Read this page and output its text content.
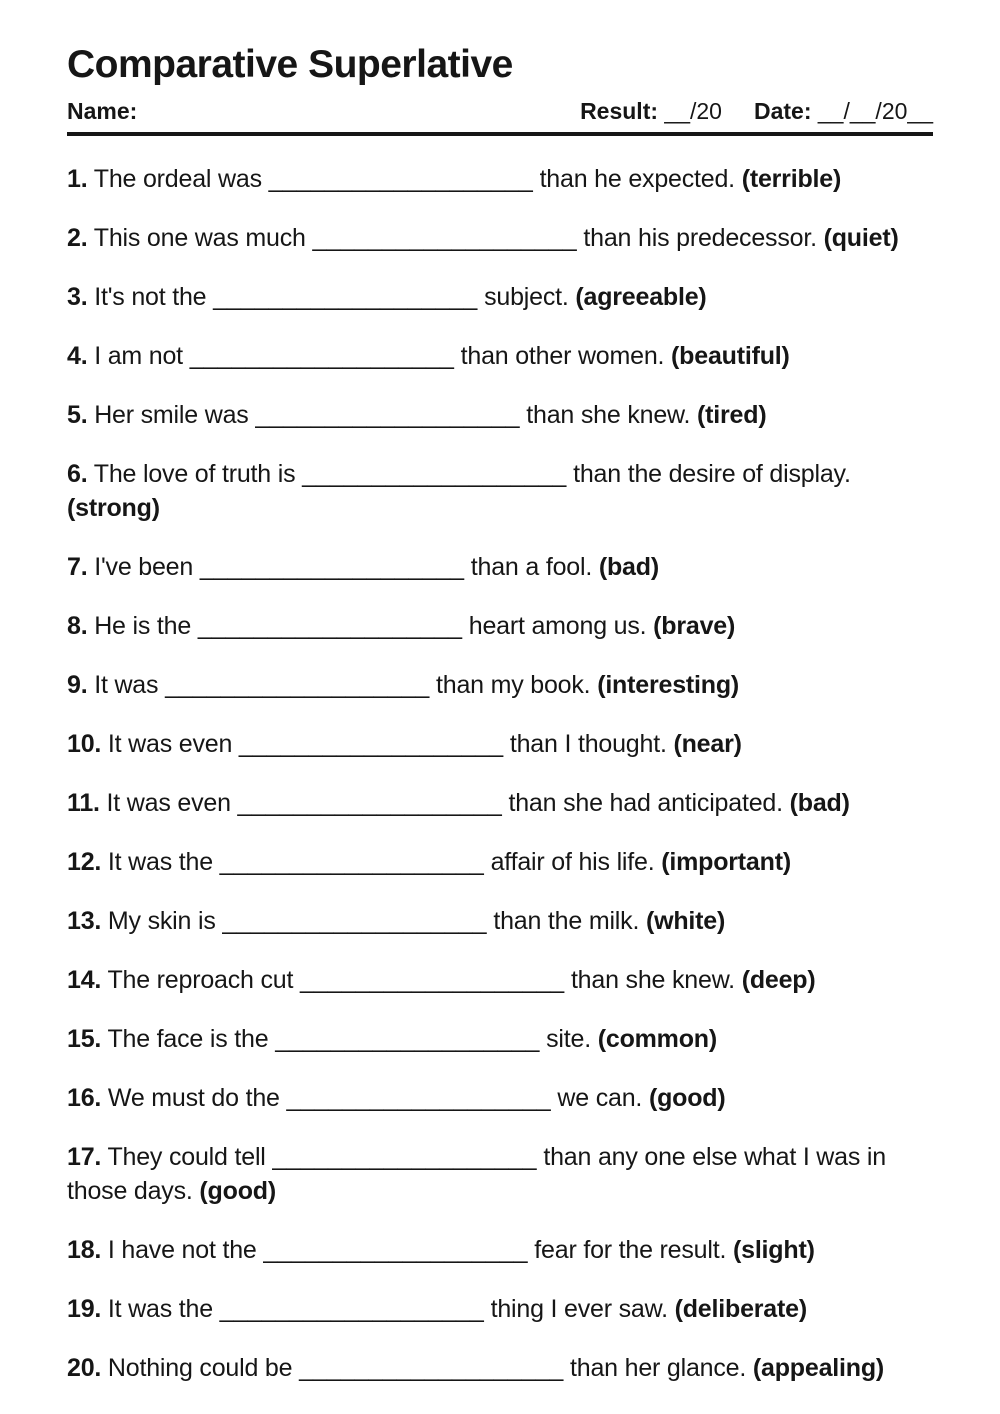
Comparative Superlative
Name:	Result: __/20 Date: __/__/20__
1. The ordeal was ___________________ than he expected. (terrible)
2. This one was much ___________________ than his predecessor. (quiet)
3. It's not the ___________________ subject. (agreeable)
4. I am not ___________________ than other women. (beautiful)
5. Her smile was ___________________ than she knew. (tired)
6. The love of truth is ___________________ than the desire of display.
(strong)
7. I've been ___________________ than a fool. (bad)
8. He is the ___________________ heart among us. (brave)
9. It was ___________________ than my book. (interesting)
10. It was even ___________________ than I thought. (near)
11. It was even ___________________ than she had anticipated. (bad)
12. It was the ___________________ affair of his life. (important)
13. My skin is ___________________ than the milk. (white)
14. The reproach cut ___________________ than she knew. (deep)
15. The face is the ___________________ site. (common)
16. We must do the ___________________ we can. (good)
17. They could tell ___________________ than any one else what I was in
those days. (good)
18. I have not the ___________________ fear for the result. (slight)
19. It was the ___________________ thing I ever saw. (deliberate)
20. Nothing could be ___________________ than her glance. (appealing)
